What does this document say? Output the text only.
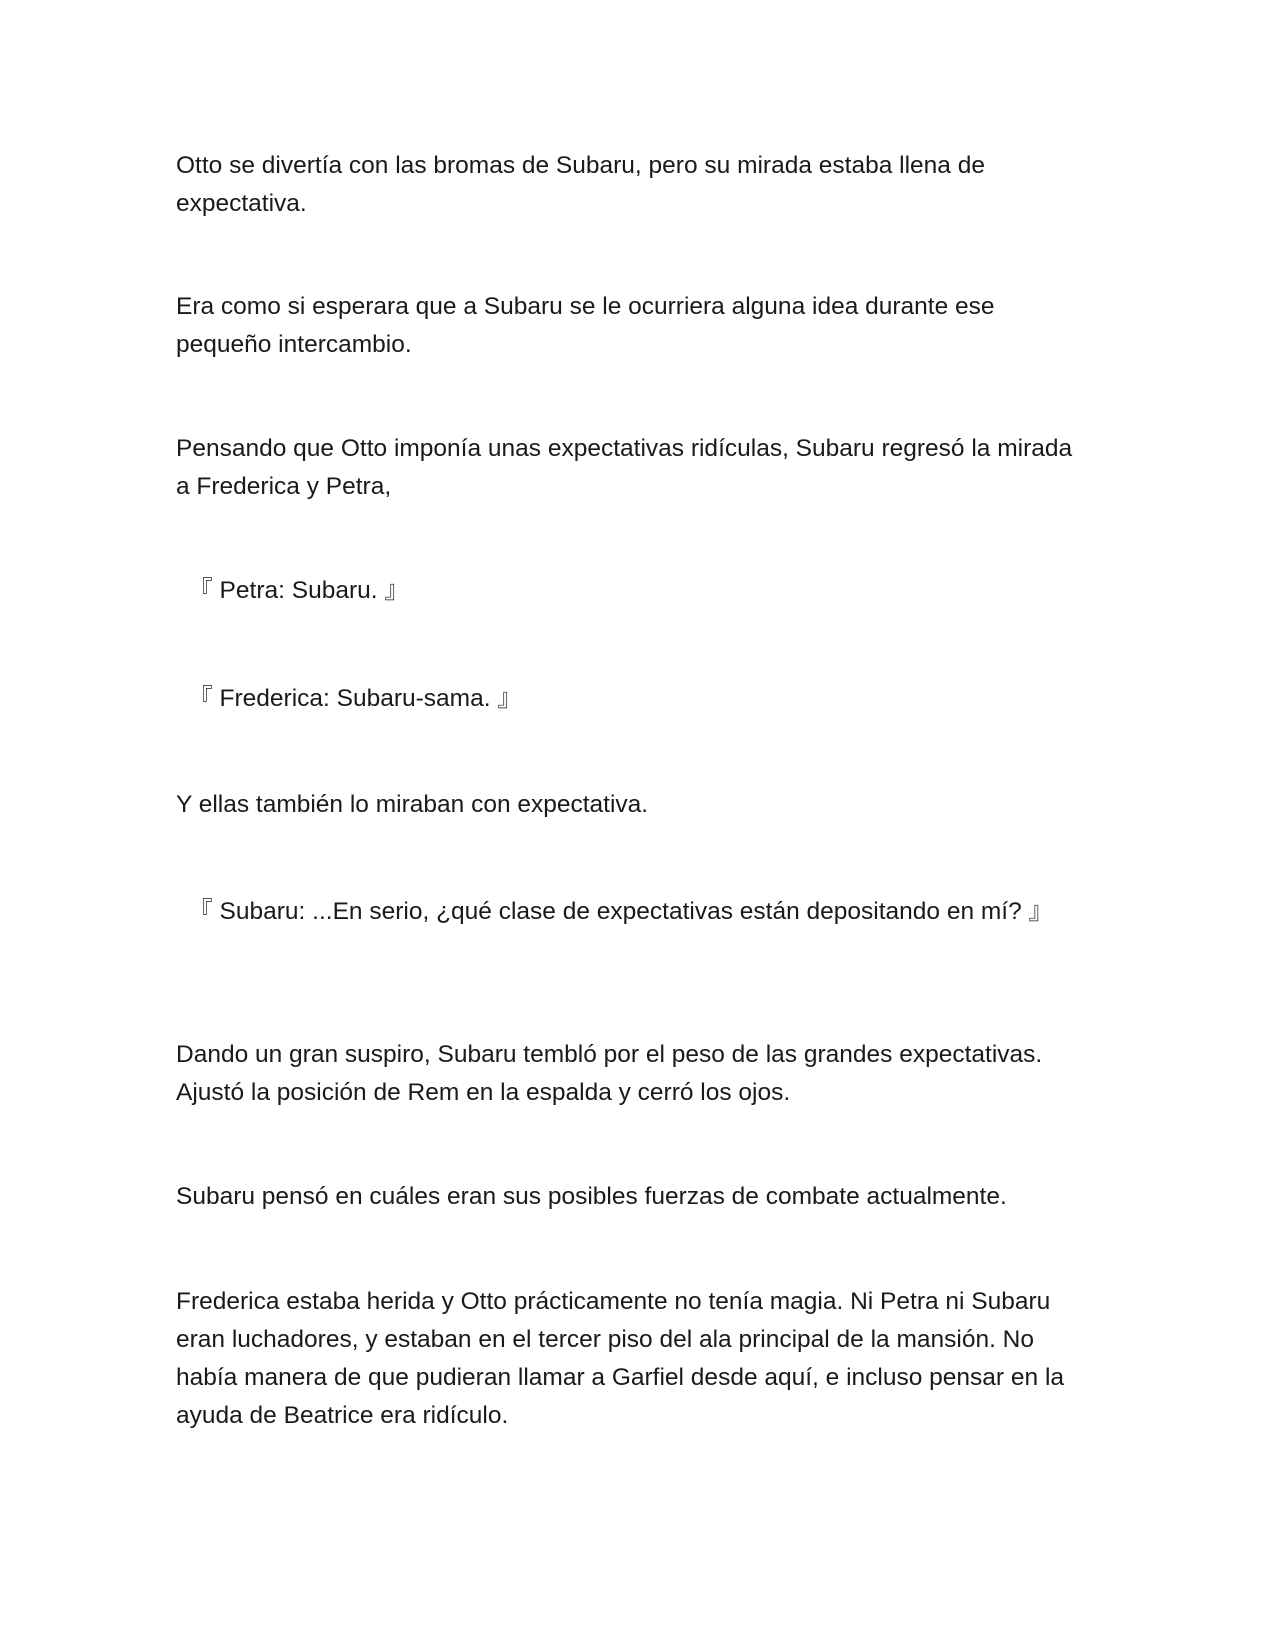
Otto se divertía con las bromas de Subaru, pero su mirada estaba llena de expectativa.

Era como si esperara que a Subaru se le ocurriera alguna idea durante ese pequeño intercambio.

Pensando que Otto imponía unas expectativas ridículas, Subaru regresó la mirada a Frederica y Petra,

　『 Petra: Subaru. 』

　『 Frederica: Subaru-sama. 』

Y ellas también lo miraban con expectativa.

　『 Subaru: ...En serio, ¿qué clase de expectativas están depositando en mí? 』

Dando un gran suspiro, Subaru tembló por el peso de las grandes expectativas. Ajustó la posición de Rem en la espalda y cerró los ojos.

Subaru pensó en cuáles eran sus posibles fuerzas de combate actualmente.

Frederica estaba herida y Otto prácticamente no tenía magia. Ni Petra ni Subaru eran luchadores, y estaban en el tercer piso del ala principal de la mansión. No había manera de que pudieran llamar a Garfiel desde aquí, e incluso pensar en la ayuda de Beatrice era ridículo.
